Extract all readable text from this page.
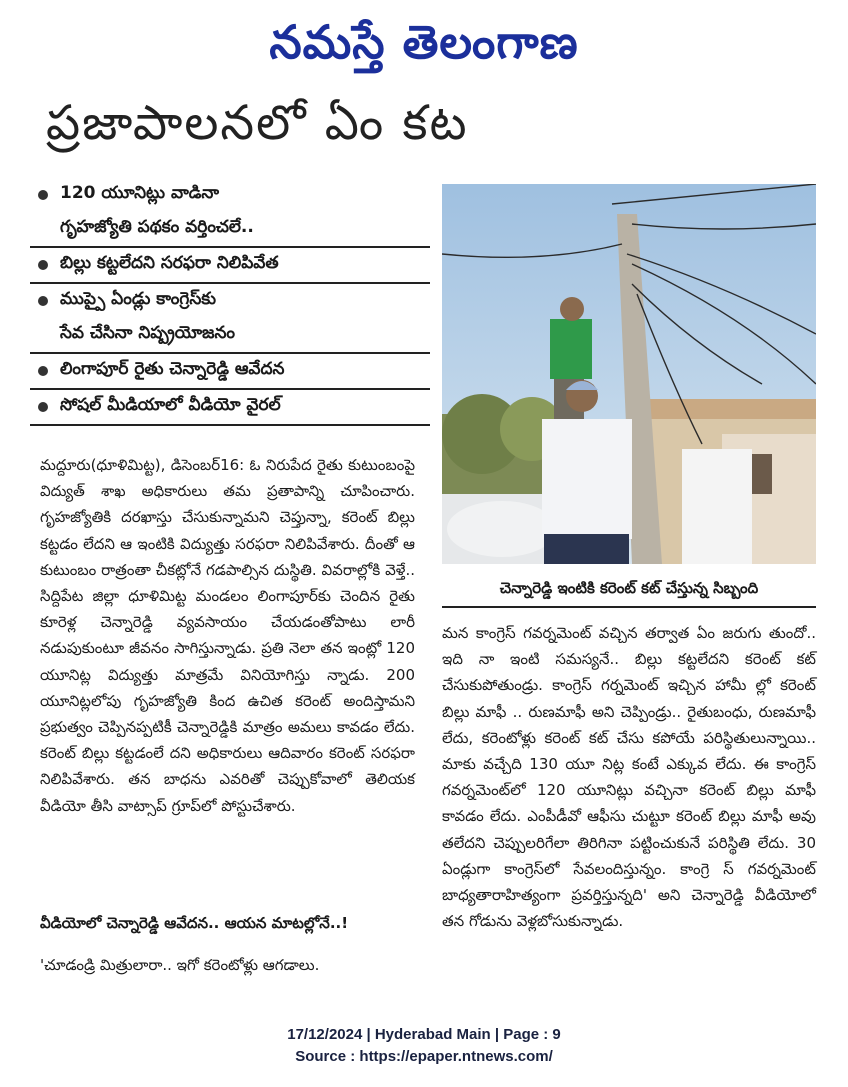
నమస్తే తెలంగాణ
ప్రజాపాలనలో ఏం కట
120 యూనిట్లు వాడినా
గృహజ్యోతి పథకం వర్తించలే..
బిల్లు కట్టలేదని సరఫరా నిలిపివేత
ముప్పై ఏండ్లు కాంగ్రెస్‌కు
సేవ చేసినా నిష్ప్రయోజనం
లింగాపూర్ రైతు చెన్నారెడ్డి ఆవేదన
సోషల్ మీడియాలో వీడియో వైరల్
చెన్నారెడ్డి ఇంటికి కరెంట్ కట్ చేస్తున్న సిబ్బంది

మద్దూరు(ధూళిమిట్ట), డిసెంబర్16: ఓ నిరుపేద రైతు కుటుంబంపై విద్యుత్ శాఖ అధికారులు తమ ప్రతాపాన్ని చూపించారు. గృహజ్యోతికి దరఖాస్తు చేసుకున్నామని చెప్తున్నా, కరెంట్ బిల్లు కట్టడం లేదని ఆ ఇంటికి విద్యుత్తు సరఫరా నిలిపివేశారు. దీంతో ఆ కుటుంబం రాత్రంతా చీకట్లోనే గడపాల్సిన దుస్థితి. వివరాల్లోకి వెళ్తే.. సిద్దిపేట జిల్లా ధూళిమిట్ట మండలం లింగాపూర్‌కు చెందిన రైతు కూరెళ్ల చెన్నారెడ్డి వ్యవసాయం చేయడంతోపాటు లారీ నడుపుకుంటూ జీవనం సాగిస్తున్నాడు. ప్రతి నెలా తన ఇంట్లో 120 యూనిట్ల విద్యుత్తు మాత్రమే వినియోగిస్తు న్నాడు. 200 యూనిట్లలోపు గృహజ్యోతి కింద ఉచిత కరెంట్ అందిస్తామని ప్రభుత్వం చెప్పినప్పటికీ చెన్నారెడ్డికి మాత్రం అమలు కావడం లేదు. కరెంట్ బిల్లు కట్టడంలే దని అధికారులు ఆదివారం కరెంట్ సరఫరా నిలిపివేశారు. తన బాధను ఎవరితో చెప్పుకోవాలో తెలియక వీడియో తీసి వాట్సాప్ గ్రూప్‌లో పోస్టుచేశారు.

వీడియోలో చెన్నారెడ్డి ఆవేదన.. ఆయన మాటల్లోనే..!

'చూడండ్రి మిత్రులారా.. ఇగో కరెంటోళ్లు ఆగడాలు.

మన కాంగ్రెస్ గవర్నమెంట్ వచ్చిన తర్వాత ఏం జరుగు తుందో.. ఇది నా ఇంటి సమస్యనే.. బిల్లు కట్టలేదని కరెంట్ కట్ చేసుకుపోతుండ్రు. కాంగ్రెస్ గర్నమెంట్ ఇచ్చిన హామీ ల్లో కరెంట్ బిల్లు మాఫీ .. రుణమాఫీ అని చెప్పిండ్రు.. రైతుబంధు, రుణమాఫీ లేదు, కరెంటోళ్లు కరెంట్ కట్ చేసు కపోయే పరిస్థితులున్నాయి.. మాకు వచ్చేది 130 యూ నిట్ల కంటే ఎక్కువ లేదు. ఈ కాంగ్రెస్ గవర్నమెంట్‌లో 120 యూనిట్లు వచ్చినా కరెంట్ బిల్లు మాఫీ కావడం లేదు. ఎంపీడీవో ఆఫీసు చుట్టూ కరెంట్ బిల్లు మాఫీ అవు తలేదని చెప్పులరిగేలా తిరిగినా పట్టించుకునే పరిస్థితి లేదు. 30 ఏండ్లుగా కాంగ్రెస్‌లో సేవలందిస్తున్నం. కాంగ్రె స్ గవర్నమెంట్ బాధ్యతారాహిత్యంగా ప్రవర్తిస్తున్నది' అని చెన్నారెడ్డి వీడియోలో తన గోడును వెళ్లబోసుకున్నాడు.

17/12/2024 | Hyderabad Main | Page : 9
Source : https://epaper.ntnews.com/
